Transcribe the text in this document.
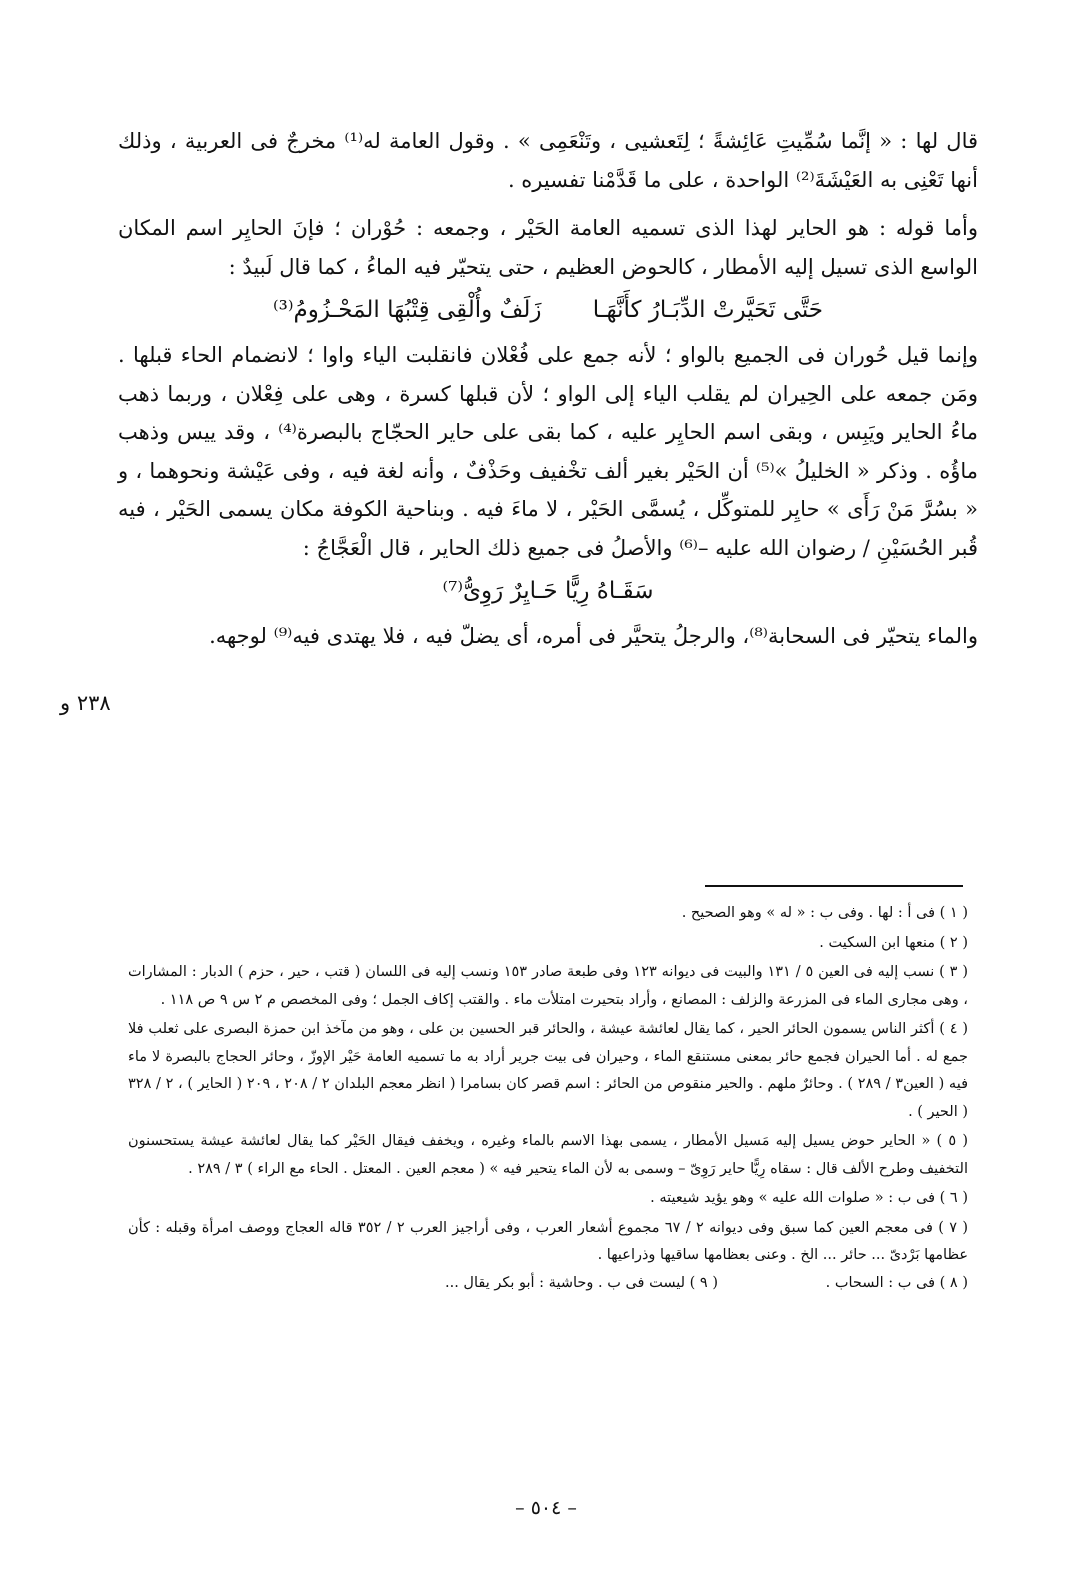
قال لها : « إنَّما سُمِّيتِ عَائِشةً ؛ لِتَعشيى ، وتَنْعَمِى » . وقول العامة له⁽¹⁾ مخرجٌ فى العربية ، وذلك أنها تَعْنِى به العَيْشَةَ⁽²⁾ الواحدة ، على ما قَدَّمْنا تفسيره .

وأما قوله : هو الحاير لهذا الذى تسميه العامة الحَيْر ، وجمعه : حُوْران ؛ فإنَ الحايِر اسم المكان الواسع الذى تسيل إليه الأمطار ، كالحوض العظيم ، حتى يتحيّر فيه الماءُ ، كما قال لَبيدٌ :

حَتَّى تَحَيَّرتْ الدِّبَـارُ كأَنَّهَـا زَلَفٌ وأُلْقِى قِتْبُهَا المَحْـزُومُ⁽³⁾

وإنما قيل حُوران فى الجميع بالواو ؛ لأنه جمع على فُعْلان فانقلبت الياء واوا ؛ لانضمام الحاء قبلها . ومَن جمعه على الحِيران لم يقلب الياء إلى الواو ؛ لأن قبلها كسرة ، وهى على فِعْلان ، وربما ذهب ماءُ الحاير ويَبِس ، وبقى اسم الحايِر عليه ، كما بقى على حاير الحجّاج بالبصرة⁽⁴⁾ ، وقد ييس وذهب ماؤُه . وذكر « الخليلُ »⁽⁵⁾ أن الحَيْر بغير ألف تخْفيف وحَذْفٌ ، وأنه لغة فيه ، وفى عَيْشة ونحوهما ، و « بسُرَّ مَنْ رَأَى » حايِر للمتوكِّل ، يُسمَّى الحَيْر ، لا ماءَ فيه . وبناحية الكوفة مكان يسمى الحَيْر ، فيه قُبر الحُسَيْنِ / رضوان الله عليه –⁽⁶⁾ والأصلُ فى جميع ذلك الحاير ، قال الْعَجَّاجُ :

سَقَـاهُ رِيًّا حَـايِرٌ رَوِىُّ⁽⁷⁾

والماء يتحيّر فى السحابة⁽⁸⁾، والرجلُ يتحيَّر فى أمره، أى يضلّ فيه ، فلا يهتدى فيه⁽⁹⁾ لوجهه.

٢٣٨ و

( ١ ) فى أ : لها . وفى ب : « له » وهو الصحيح .

( ٢ ) منعها ابن السكيت .

( ٣ ) نسب إليه فى العين ٥ / ١٣١ والبيت فى ديوانه ١٢٣ وفى طبعة صادر ١٥٣ ونسب إليه فى اللسان ( قتب ، حير ، حزم ) الدبار : المشارات ، وهى مجارى الماء فى المزرعة والزلف : المصانع ، وأراد بتحيرت امتلأت ماء . والقتب إكاف الجمل ؛ وفى المخصص م ٢ س ٩ ص ١١٨ .

( ٤ ) أكثر الناس يسمون الحائر الحير ، كما يقال لعائشة عيشة ، والحائر قبر الحسين بن على ، وهو من مآخذ ابن حمزة البصرى على ثعلب فلا جمع له . أما الحيران فجمع حائر بمعنى مستنقع الماء ، وحيران فى بيت جرير أراد به ما تسميه العامة حَيْر الإوزّ ، وحائر الحجاج بالبصرة لا ماء فيه ( العين٣ / ٢٨٩ ) . وحائرٌ ملهم . والحير منقوص من الحائر : اسم قصر كان بسامرا ( انظر معجم البلدان ٢ / ٢٠٨ ، ٢٠٩ ( الحاير ) ، ٢ / ٣٢٨ ( الحير ) .

( ٥ ) « الحاير حوض يسيل إليه مَسيل الأمطار ، يسمى بهذا الاسم بالماء وغيره ، ويخفف فيقال الحَيْر كما يقال لعائشة عيشة يستحسنون التخفيف وطرح الألف قال : سقاه رِيًّا حاير رَوِىّ – وسمى به لأن الماء يتحير فيه » ( معجم العين . المعتل . الحاء مع الراء ) ٣ / ٢٨٩ .

( ٦ ) فى ب : « صلوات الله عليه » وهو يؤيد شيعيته .

( ٧ ) فى معجم العين كما سبق وفى ديوانه ٢ / ٦٧ مجموع أشعار العرب ، وفى أراجيز العرب ٢ / ٣٥٢ قاله العجاج ووصف امرأة وقبله : كأن عظامها بَرْدىّ ... حائر ... الخ . وعنى بعظامها ساقيها وذراعيها .

( ٨ ) فى ب : السحاب .
( ٩ ) ليست فى ب . وحاشية : أبو بكر يقال ...
– ٥٠٤ –
